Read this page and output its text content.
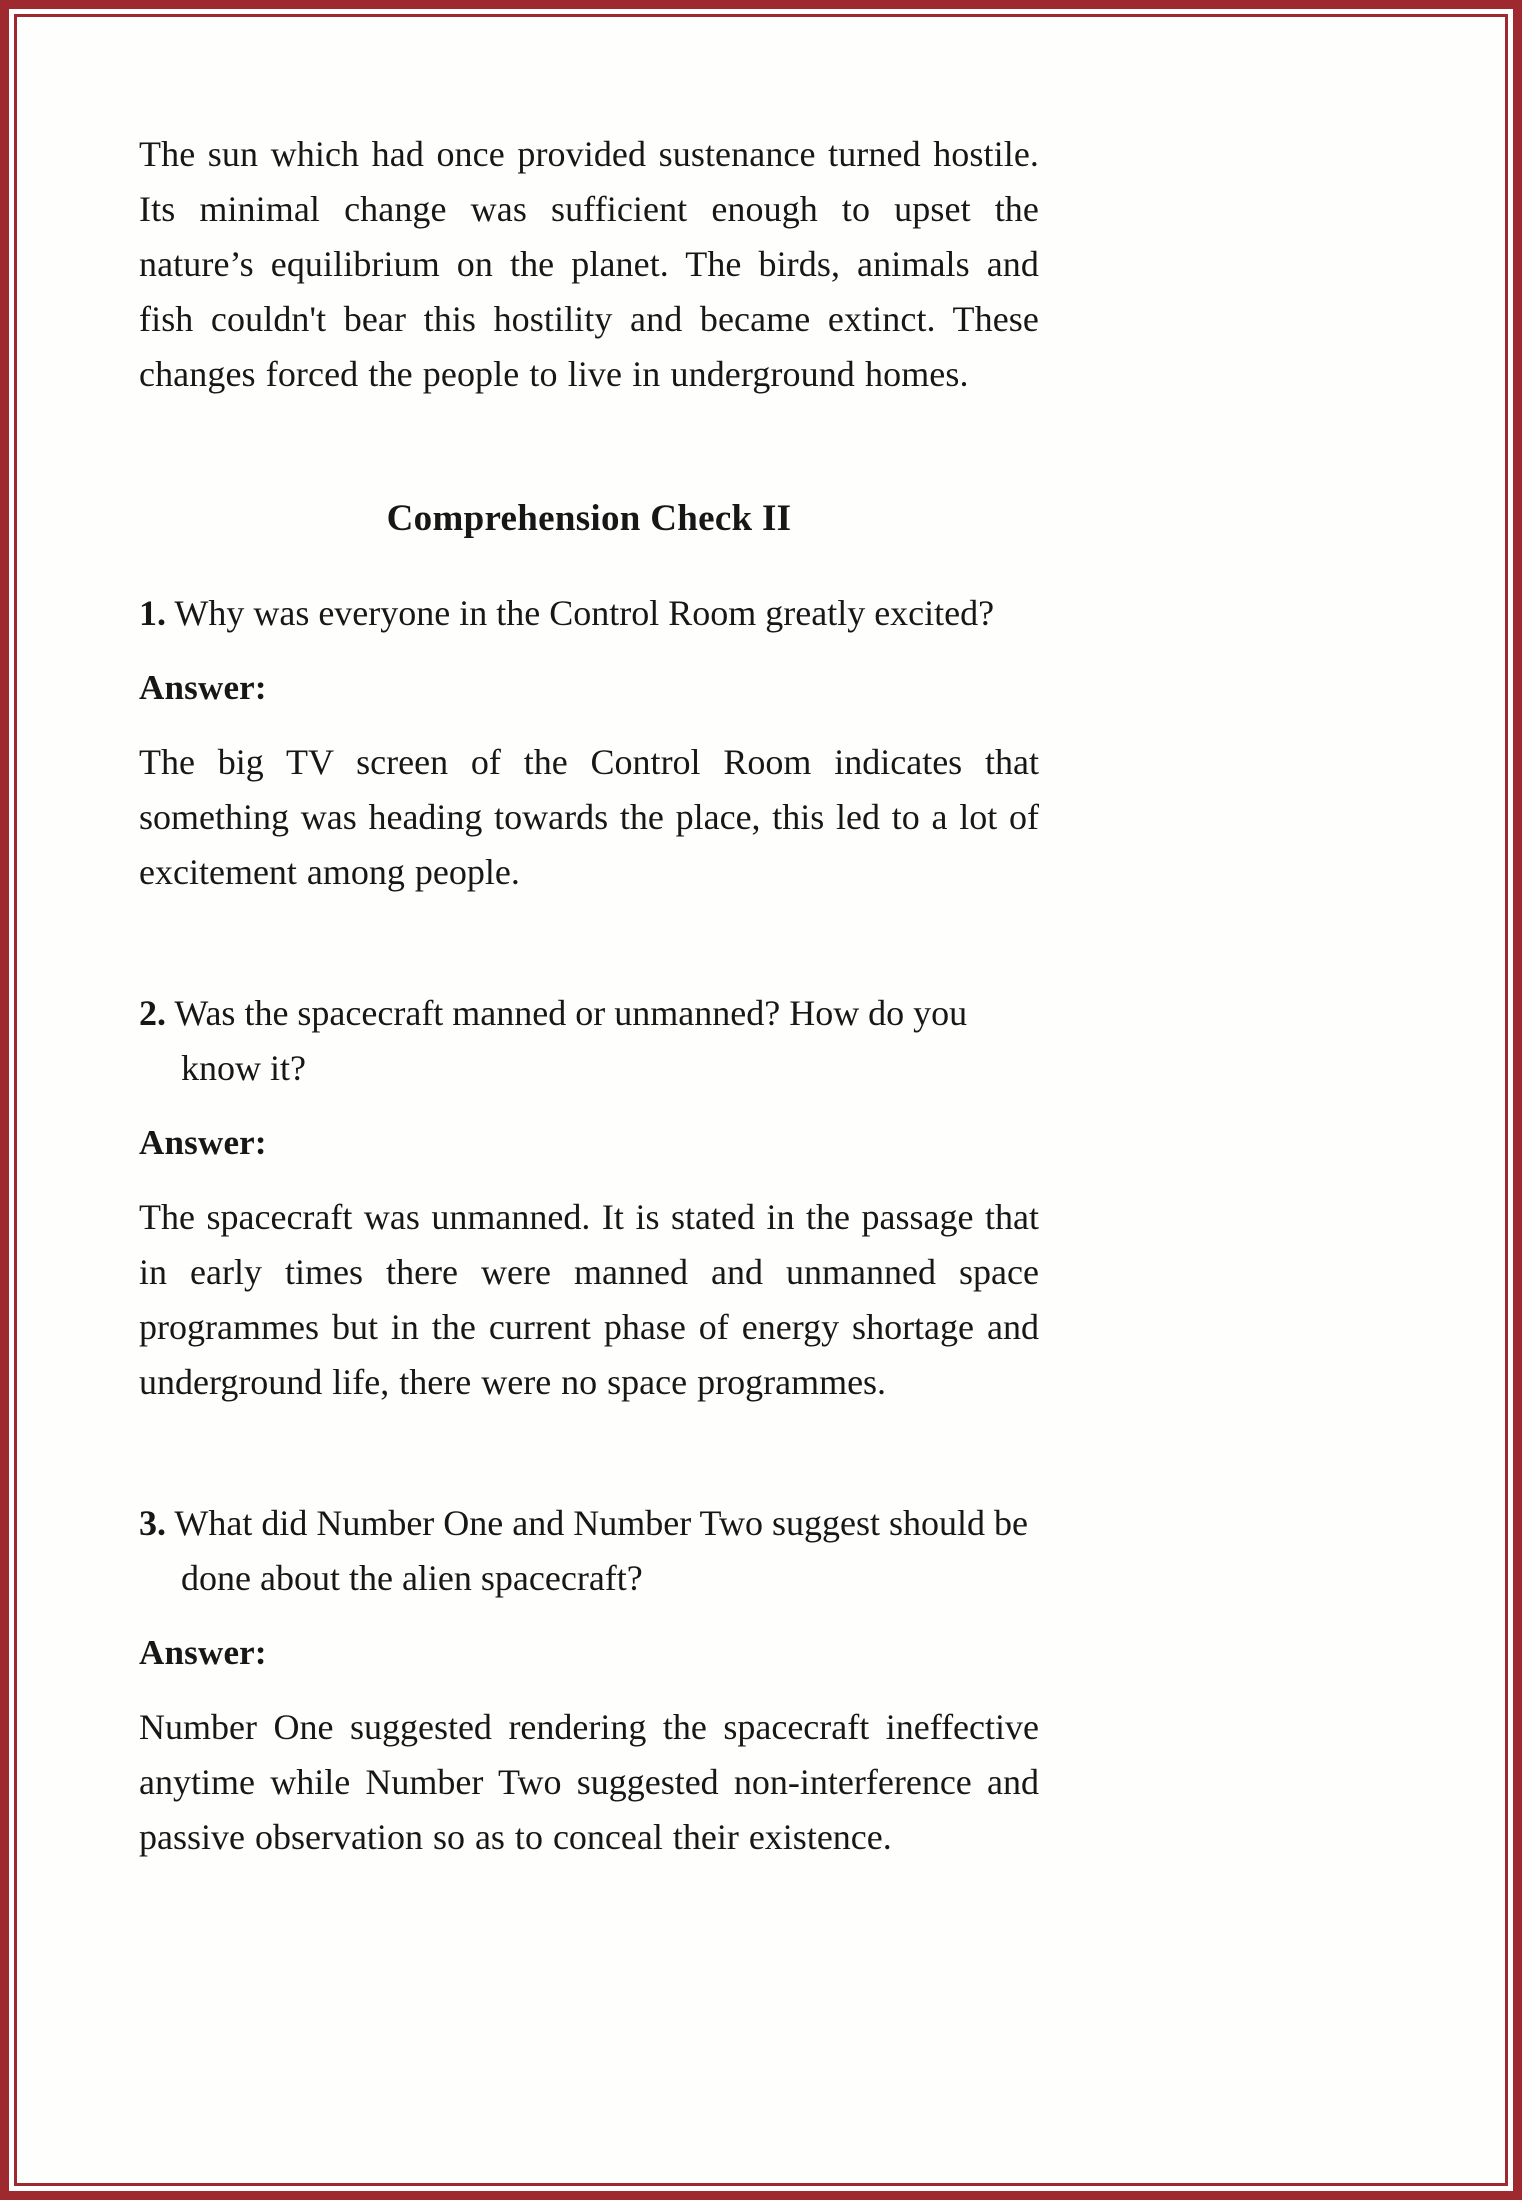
The sun which had once provided sustenance turned hostile. Its minimal change was sufficient enough to upset the nature’s equilibrium on the planet. The birds, animals and fish couldn't bear this hostility and became extinct. These changes forced the people to live in underground homes.

Comprehension Check II

1. Why was everyone in the Control Room greatly excited?

Answer:

The big TV screen of the Control Room indicates that something was heading towards the place, this led to a lot of excitement among people.

2. Was the spacecraft manned or unmanned? How do you know it?

Answer:

The spacecraft was unmanned. It is stated in the passage that in early times there were manned and unmanned space programmes but in the current phase of energy shortage and underground life, there were no space programmes.

3. What did Number One and Number Two suggest should be done about the alien spacecraft?

Answer:

Number One suggested rendering the spacecraft ineffective anytime while Number Two suggested non-interference and passive observation so as to conceal their existence.
